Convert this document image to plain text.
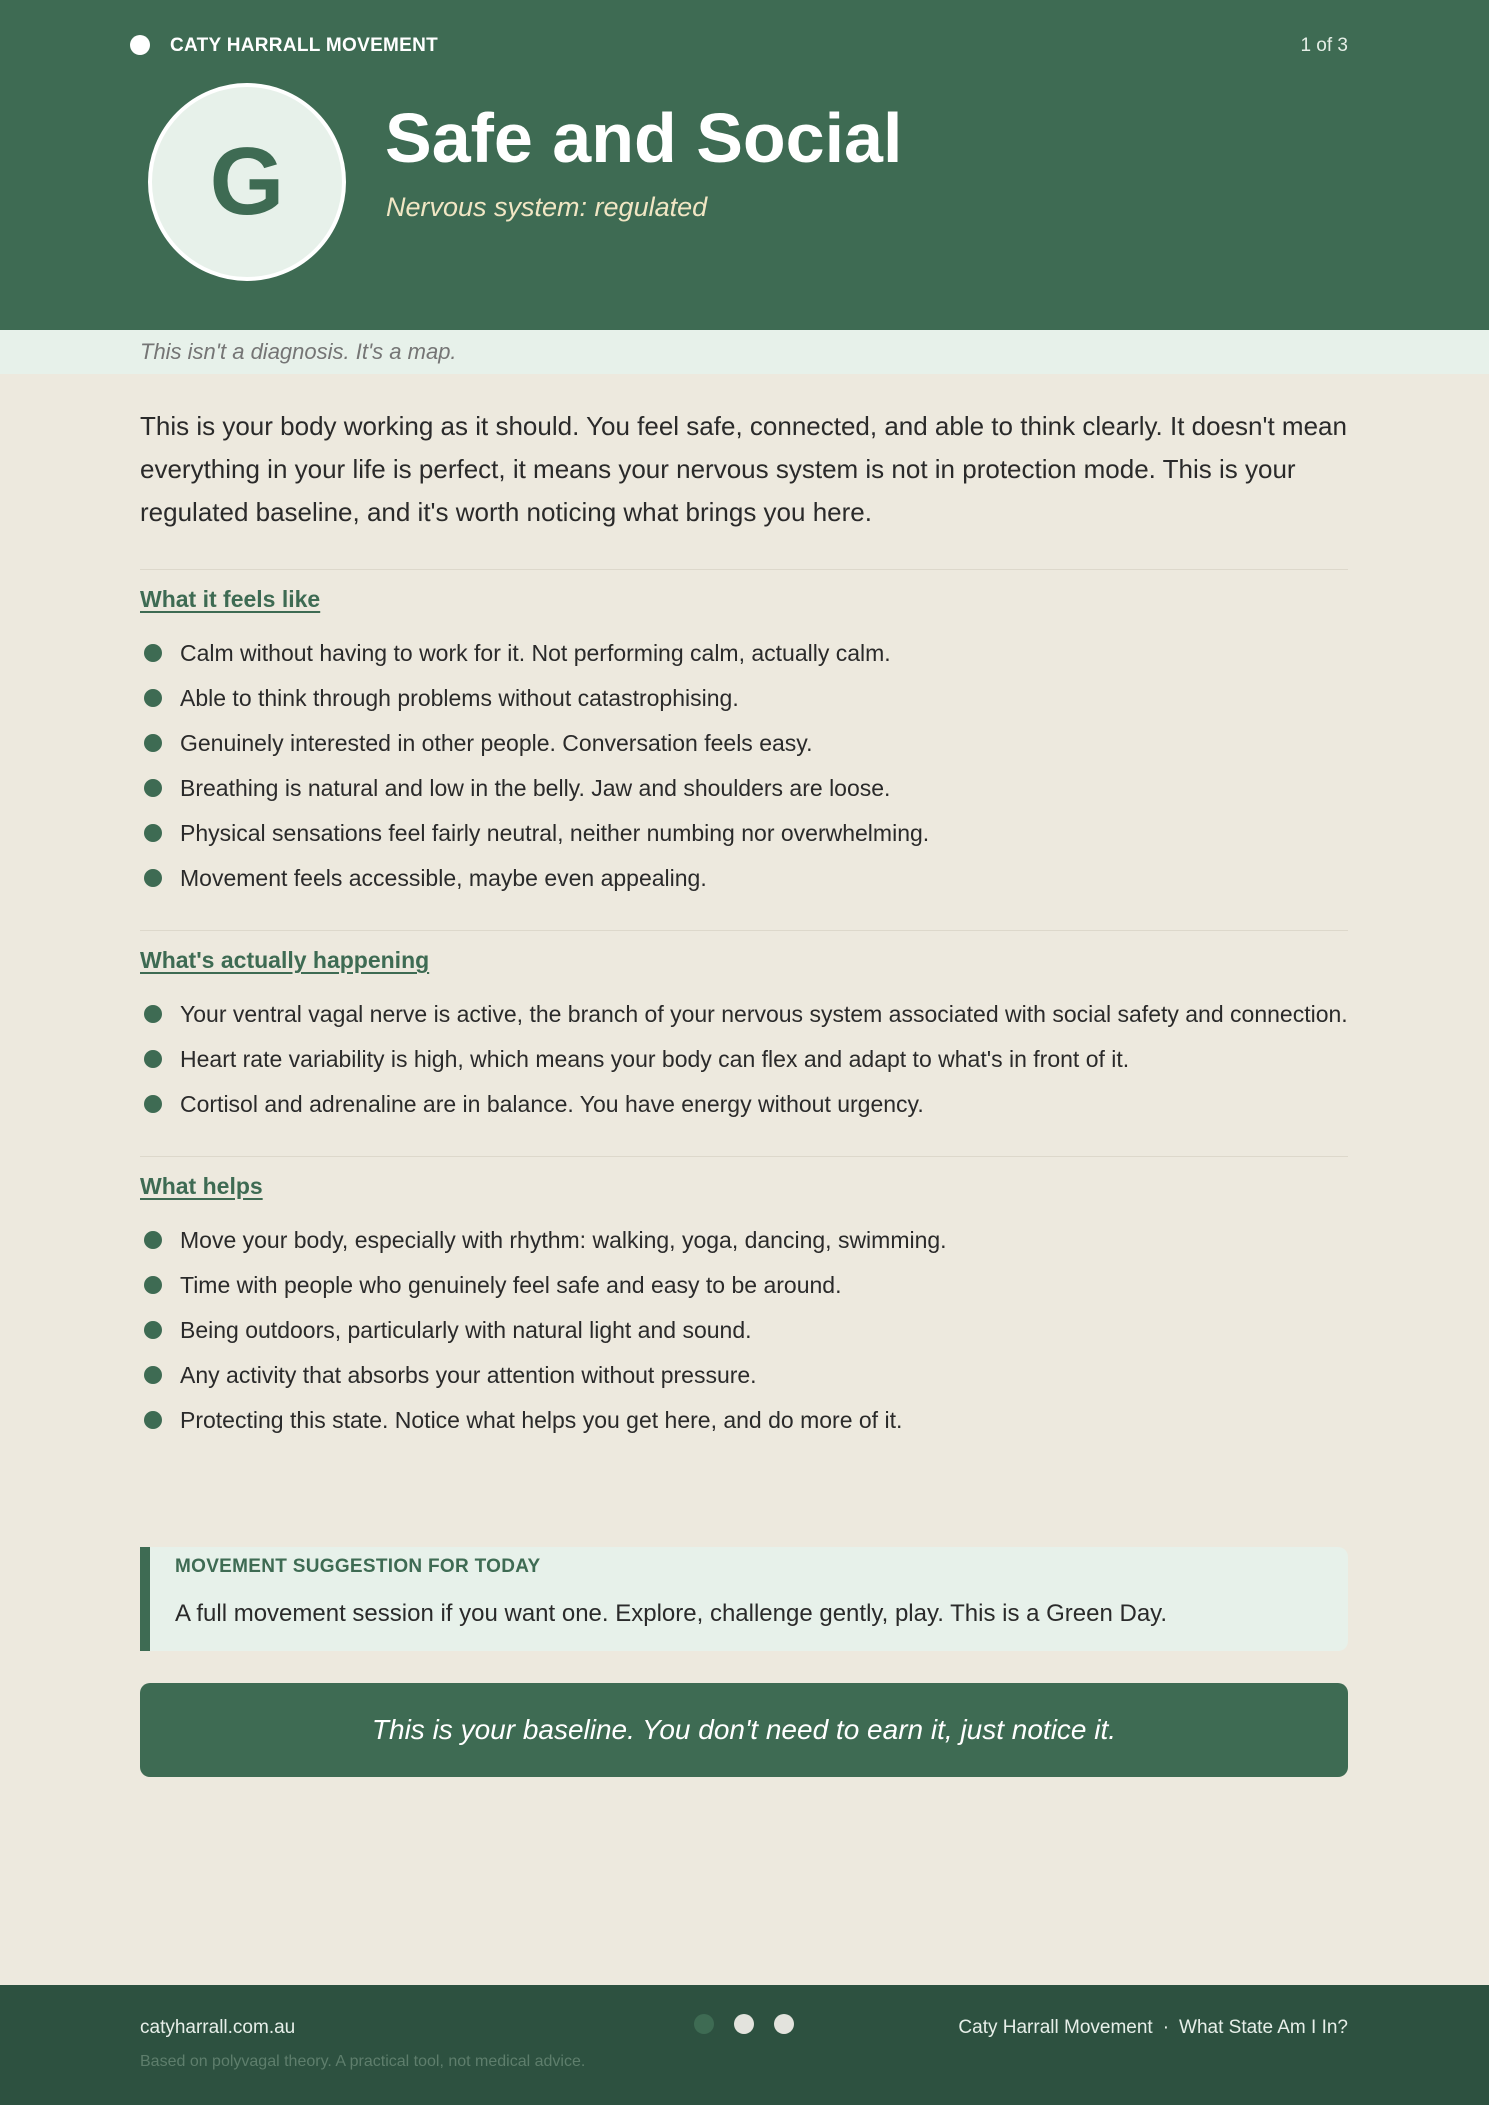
CATY HARRALL MOVEMENT	1 of 3
G Safe and Social
Nervous system: regulated
This isn't a diagnosis. It's a map.

This is your body working as it should. You feel safe, connected, and able to think clearly. It doesn't mean everything in your life is perfect, it means your nervous system is not in protection mode. This is your regulated baseline, and it's worth noticing what brings you here.

What it feels like
Calm without having to work for it. Not performing calm, actually calm.
Able to think through problems without catastrophising.
Genuinely interested in other people. Conversation feels easy.
Breathing is natural and low in the belly. Jaw and shoulders are loose.
Physical sensations feel fairly neutral, neither numbing nor overwhelming.
Movement feels accessible, maybe even appealing.
What's actually happening
Your ventral vagal nerve is active, the branch of your nervous system associated with social safety and connection.
Heart rate variability is high, which means your body can flex and adapt to what's in front of it.
Cortisol and adrenaline are in balance. You have energy without urgency.
What helps
Move your body, especially with rhythm: walking, yoga, dancing, swimming.
Time with people who genuinely feel safe and easy to be around.
Being outdoors, particularly with natural light and sound.
Any activity that absorbs your attention without pressure.
Protecting this state. Notice what helps you get here, and do more of it.
MOVEMENT SUGGESTION FOR TODAY
A full movement session if you want one. Explore, challenge gently, play. This is a Green Day.
This is your baseline. You don't need to earn it, just notice it.
catyharrall.com.au
Based on polyvagal theory. A practical tool, not medical advice.
Caty Harrall Movement · What State Am I In?
